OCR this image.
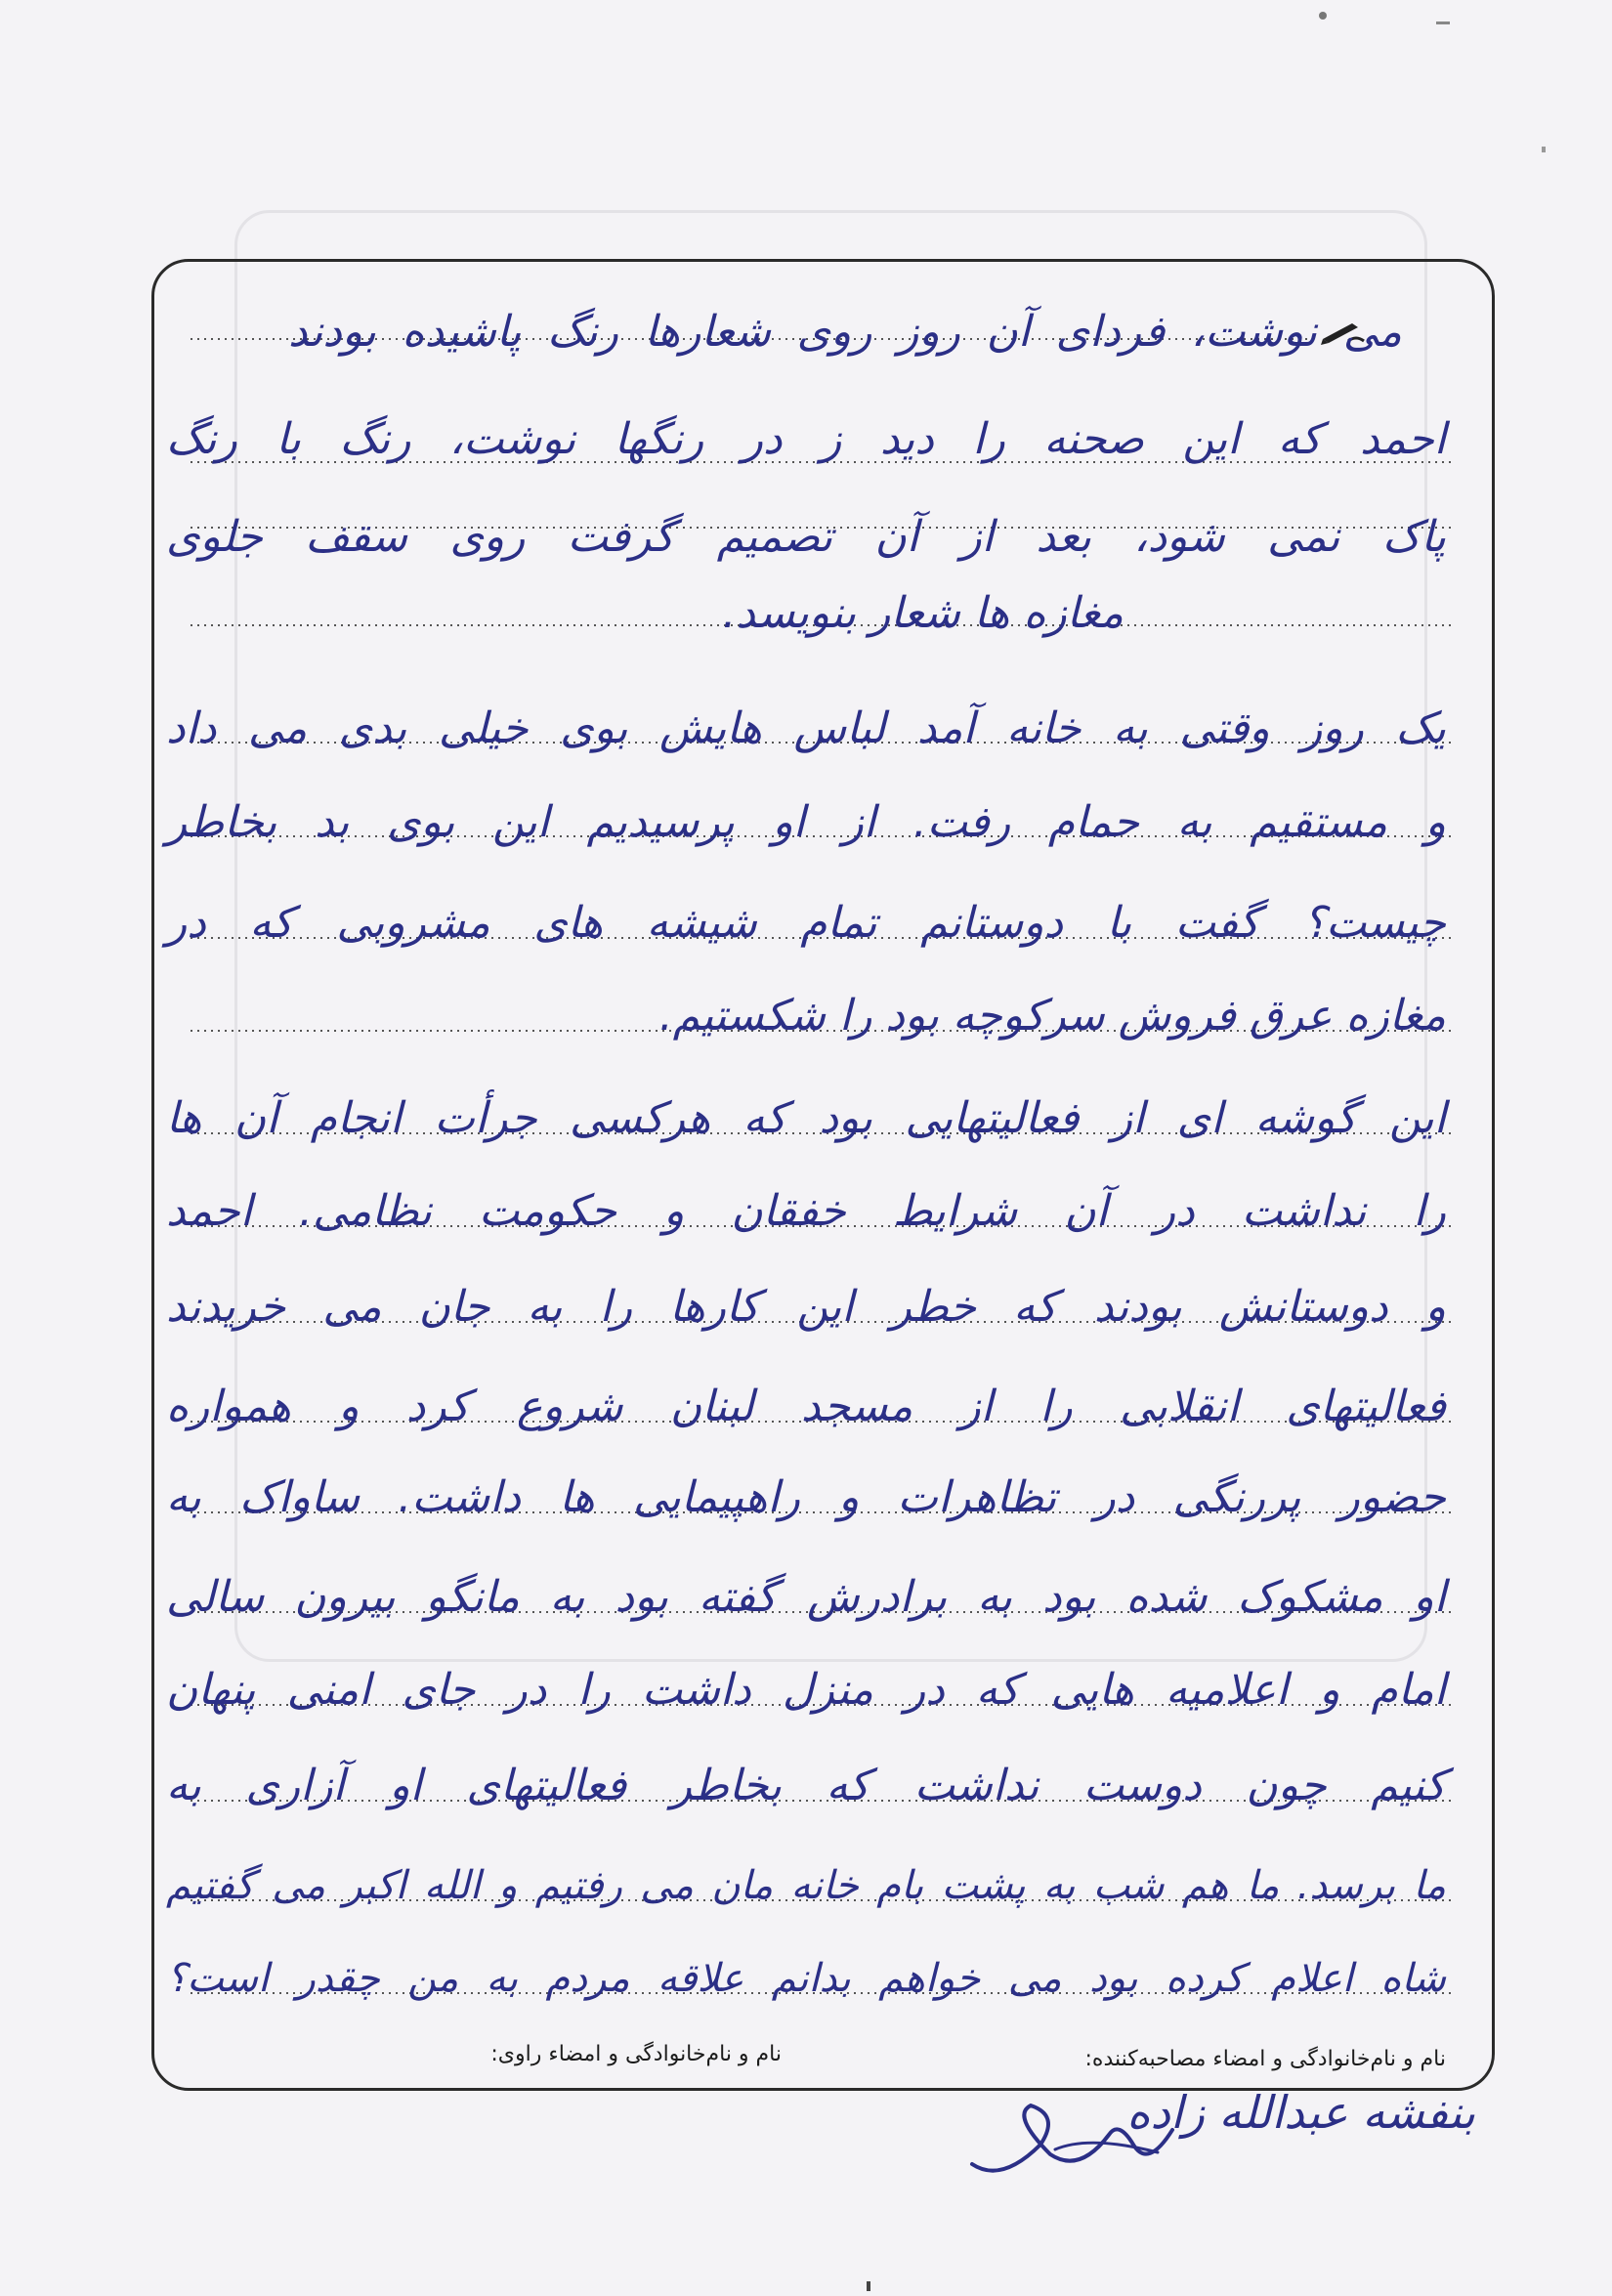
می نوشت، فردای آن روز روی شعارها رنگ پاشیده بودند
احمد که این صحنه را دید ز در رنگها نوشت، رنگ با رنگ
پاک نمی شود، بعد از آن تصمیم گرفت روی سقف جلوی
مغازه ها شعار بنویسد.
یک روز وقتی به خانه آمد لباس هایش بوی خیلی بدی می داد
و مستقیم به حمام رفت. از او پرسیدیم این بوی بد بخاطر
چیست؟ گفت با دوستانم تمام شیشه های مشروبی که در
مغازه عرق فروش سرکوچه بود را شکستیم.
این گوشه ای از فعالیتهایی بود که هرکسی جرأت انجام آن ها
را نداشت در آن شرایط خفقان و حکومت نظامی. احمد
و دوستانش بودند که خطر این کارها را به جان می خریدند
فعالیتهای انقلابی را از مسجد لبنان شروع کرد و همواره
حضور پررنگی در تظاهرات و راهپیمایی ها داشت. ساواک به
او مشکوک شده بود به برادرش گفته بود به مانگو بیرون سالی
امام و اعلامیه هایی که در منزل داشت را در جای امنی پنهان
کنیم چون دوست نداشت که بخاطر فعالیتهای او آزاری به
ما برسد. ما هم شب به پشت بام خانه مان می رفتیم و الله اکبر می گفتیم
شاه اعلام کرده بود می خواهم بدانم علاقه مردم به من چقدر است؟
نام و نام‌خانوادگی و امضاء مصاحبه‌کننده:
نام و نام‌خانوادگی و امضاء راوی:
بنفشه عبدالله زاده
